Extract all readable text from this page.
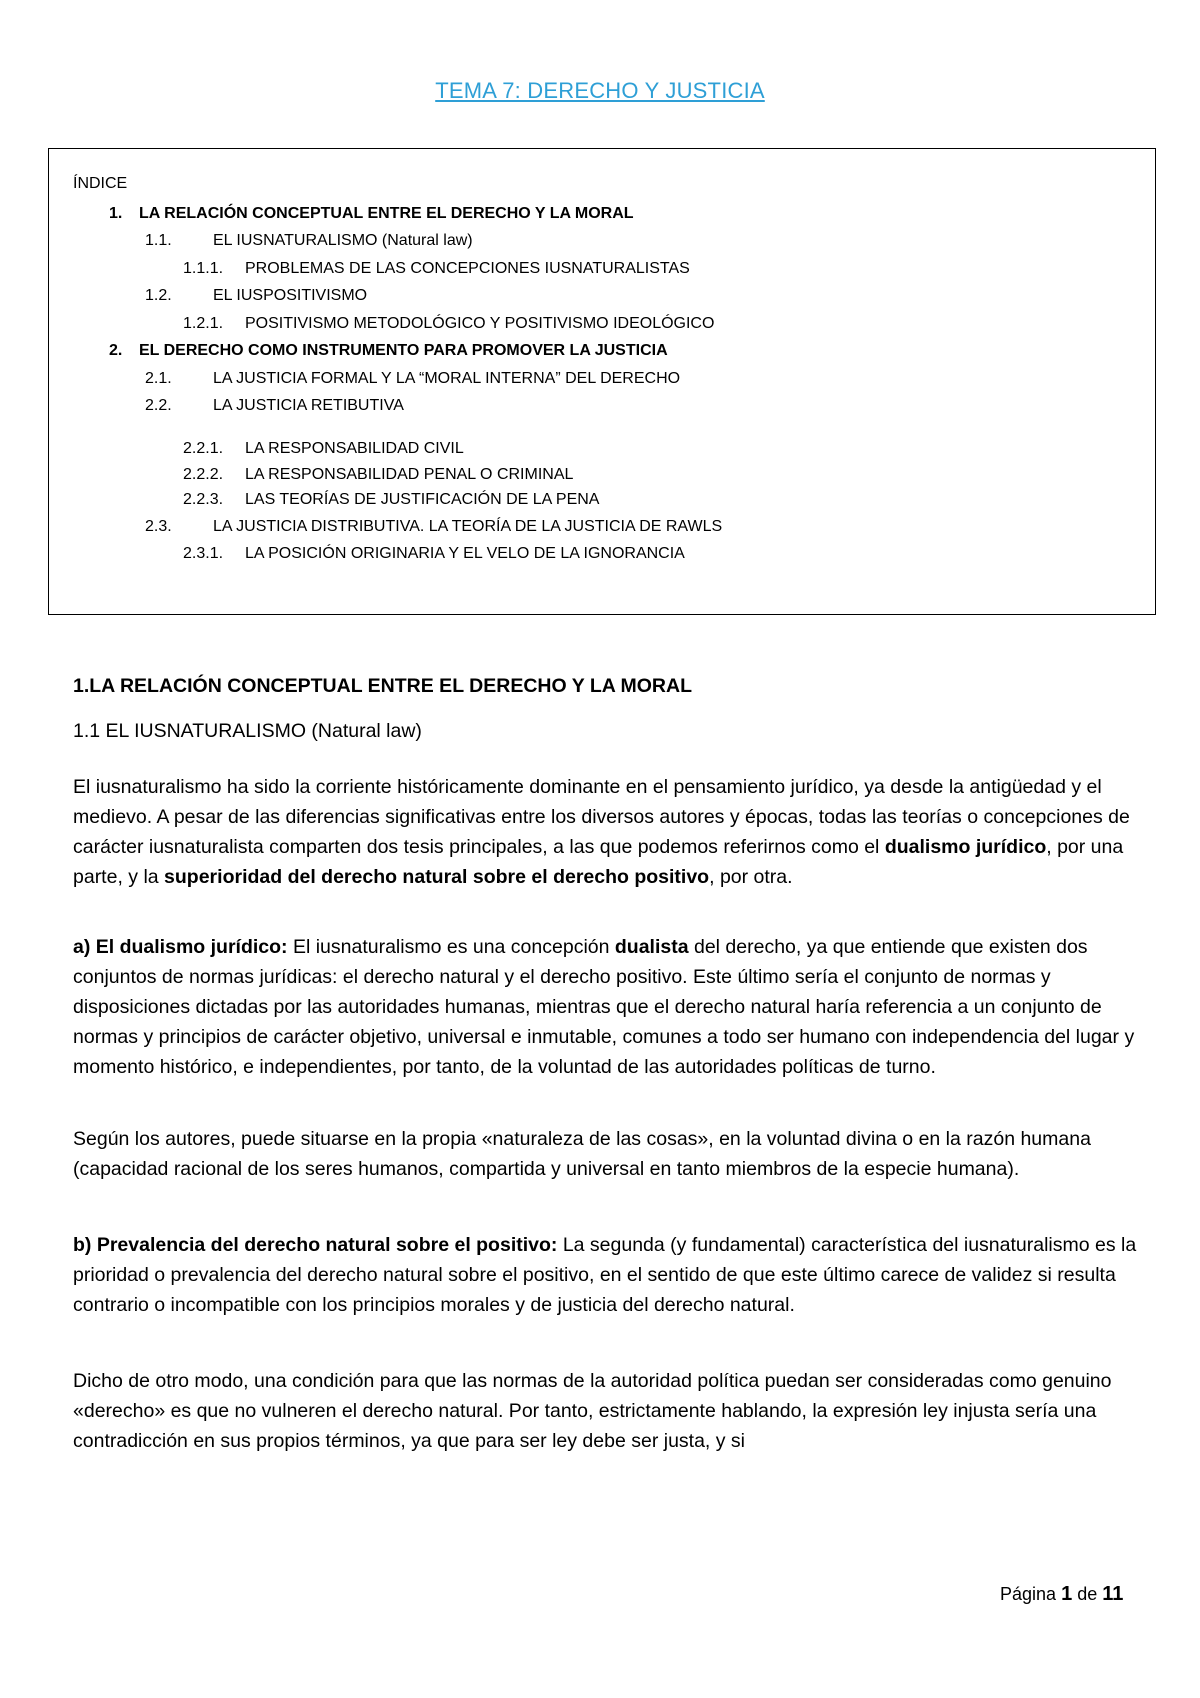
TEMA 7: DERECHO Y JUSTICIA
ÍNDICE
1. LA RELACIÓN CONCEPTUAL ENTRE EL DERECHO Y LA MORAL
1.1.	EL IUSNATURALISMO (Natural law)
1.1.1. PROBLEMAS DE LAS CONCEPCIONES IUSNATURALISTAS
1.2.	EL IUSPOSITIVISMO
1.2.1. POSITIVISMO METODOLÓGICO Y POSITIVISMO IDEOLÓGICO
2. EL DERECHO COMO INSTRUMENTO PARA PROMOVER LA JUSTICIA
2.1.	LA JUSTICIA FORMAL Y LA “MORAL INTERNA” DEL DERECHO
2.2.	LA JUSTICIA RETIBUTIVA
2.2.1. LA RESPONSABILIDAD CIVIL
2.2.2. LA RESPONSABILIDAD PENAL O CRIMINAL
2.2.3. LAS TEORÍAS DE JUSTIFICACIÓN DE LA PENA
2.3.	LA JUSTICIA DISTRIBUTIVA. LA TEORÍA DE LA JUSTICIA DE RAWLS
2.3.1. LA POSICIÓN ORIGINARIA Y EL VELO DE LA IGNORANCIA
1.LA RELACIÓN CONCEPTUAL ENTRE EL DERECHO Y LA MORAL
1.1 EL IUSNATURALISMO (Natural law)
El iusnaturalismo ha sido la corriente históricamente dominante en el pensamiento jurídico, ya desde la antigüedad y el medievo. A pesar de las diferencias significativas entre los diversos autores y épocas, todas las teorías o concepciones de carácter iusnaturalista comparten dos tesis principales, a las que podemos referirnos como el dualismo jurídico, por una parte, y la superioridad del derecho natural sobre el derecho positivo, por otra.
a) El dualismo jurídico: El iusnaturalismo es una concepción dualista del derecho, ya que entiende que existen dos conjuntos de normas jurídicas: el derecho natural y el derecho positivo. Este último sería el conjunto de normas y disposiciones dictadas por las autoridades humanas, mientras que el derecho natural haría referencia a un conjunto de normas y principios de carácter objetivo, universal e inmutable, comunes a todo ser humano con independencia del lugar y momento histórico, e independientes, por tanto, de la voluntad de las autoridades políticas de turno.
Según los autores, puede situarse en la propia «naturaleza de las cosas», en la voluntad divina o en la razón humana (capacidad racional de los seres humanos, compartida y universal en tanto miembros de la especie humana).
b) Prevalencia del derecho natural sobre el positivo: La segunda (y fundamental) característica del iusnaturalismo es la prioridad o prevalencia del derecho natural sobre el positivo, en el sentido de que este último carece de validez si resulta contrario o incompatible con los principios morales y de justicia del derecho natural.
Dicho de otro modo, una condición para que las normas de la autoridad política puedan ser consideradas como genuino «derecho» es que no vulneren el derecho natural. Por tanto, estrictamente hablando, la expresión ley injusta sería una contradicción en sus propios términos, ya que para ser ley debe ser justa, y si
Página 1 de 11
